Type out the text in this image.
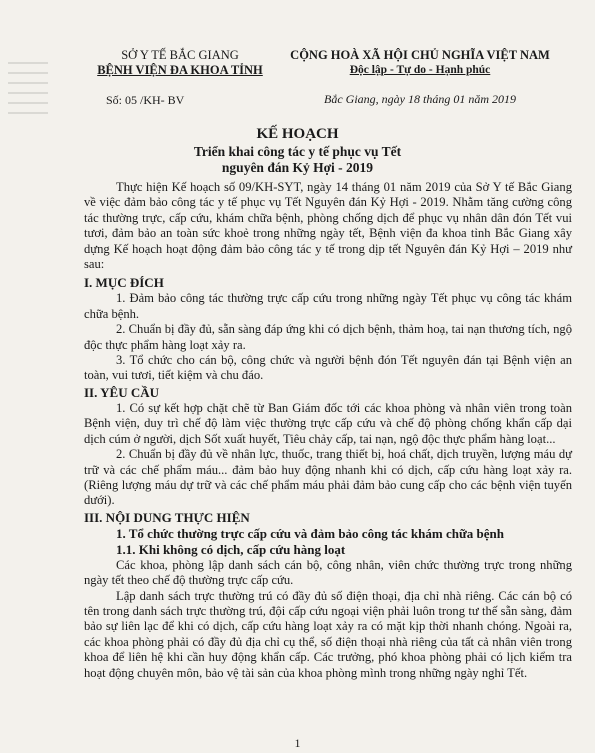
SỞ Y TẾ BẮC GIANG
BỆNH VIỆN ĐA KHOA TỈNH
CỘNG HOÀ XÃ HỘI CHỦ NGHĨA VIỆT NAM
Độc lập - Tự do - Hạnh phúc
Số: 05 /KH- BV	Bắc Giang, ngày 18 tháng 01 năm 2019
KẾ HOẠCH
Triển khai công tác y tế phục vụ Tết
nguyên đán Kỷ Hợi - 2019

Thực hiện Kế hoạch số 09/KH-SYT, ngày 14 tháng 01 năm 2019 của Sở Y tế Bắc Giang về việc đảm bảo công tác y tế phục vụ Tết Nguyên đán Kỷ Hợi - 2019. Nhằm tăng cường công tác thường trực, cấp cứu, khám chữa bệnh, phòng chống dịch để phục vụ nhân dân đón Tết vui tươi, đảm bảo an toàn sức khoẻ trong những ngày tết, Bệnh viện đa khoa tỉnh Bắc Giang xây dựng Kế hoạch hoạt động đảm bảo công tác y tế trong dịp tết Nguyên đán Kỷ Hợi – 2019 như sau:

I. MỤC ĐÍCH

1. Đảm bảo công tác thường trực cấp cứu trong những ngày Tết phục vụ công tác khám chữa bệnh.

2. Chuẩn bị đầy đủ, sẵn sàng đáp ứng khi có dịch bệnh, thảm hoạ, tai nạn thương tích, ngộ độc thực phẩm hàng loạt xảy ra.

3. Tổ chức cho cán bộ, công chức và người bệnh đón Tết nguyên đán tại Bệnh viện an toàn, vui tươi, tiết kiệm và chu đáo.

II. YÊU CẦU

1. Có sự kết hợp chặt chẽ từ Ban Giám đốc tới các khoa phòng và nhân viên trong toàn Bệnh viện, duy trì chế độ làm việc thường trực cấp cứu và chế độ phòng chống khẩn cấp dại dịch cúm ở người, dịch Sốt xuất huyết, Tiêu chảy cấp, tai nạn, ngộ độc thực phẩm hàng loạt...

2. Chuẩn bị đầy đủ về nhân lực, thuốc, trang thiết bị, hoá chất, dịch truyền, lượng máu dự trữ và các chế phẩm máu... đảm bảo huy động nhanh khi có dịch, cấp cứu hàng loạt xảy ra. (Riêng lượng máu dự trữ và các chế phẩm máu phải đảm bảo cung cấp cho các bệnh viện tuyến dưới).

III. NỘI DUNG THỰC HIỆN

1. Tổ chức thường trực cấp cứu và đảm bảo công tác khám chữa bệnh

1.1. Khi không có dịch, cấp cứu hàng loạt

Các khoa, phòng lập danh sách cán bộ, công nhân, viên chức thường trực trong những ngày tết theo chế độ thường trực cấp cứu.

Lập danh sách trực thường trú có đầy đủ số điện thoại, địa chỉ nhà riêng. Các cán bộ có tên trong danh sách trực thường trú, đội cấp cứu ngoại viện phải luôn trong tư thế sẵn sàng, đảm bảo sự liên lạc để khi có dịch, cấp cứu hàng loạt xảy ra có mặt kịp thời nhanh chóng. Ngoài ra, các khoa phòng phải có đầy đủ địa chỉ cụ thể, số điện thoại nhà riêng của tất cả nhân viên trong khoa để liên hệ khi cần huy động khẩn cấp. Các trưởng, phó khoa phòng phải có lịch kiểm tra hoạt động chuyên môn, bảo vệ tài sản của khoa phòng mình trong những ngày nghỉ Tết.

1
